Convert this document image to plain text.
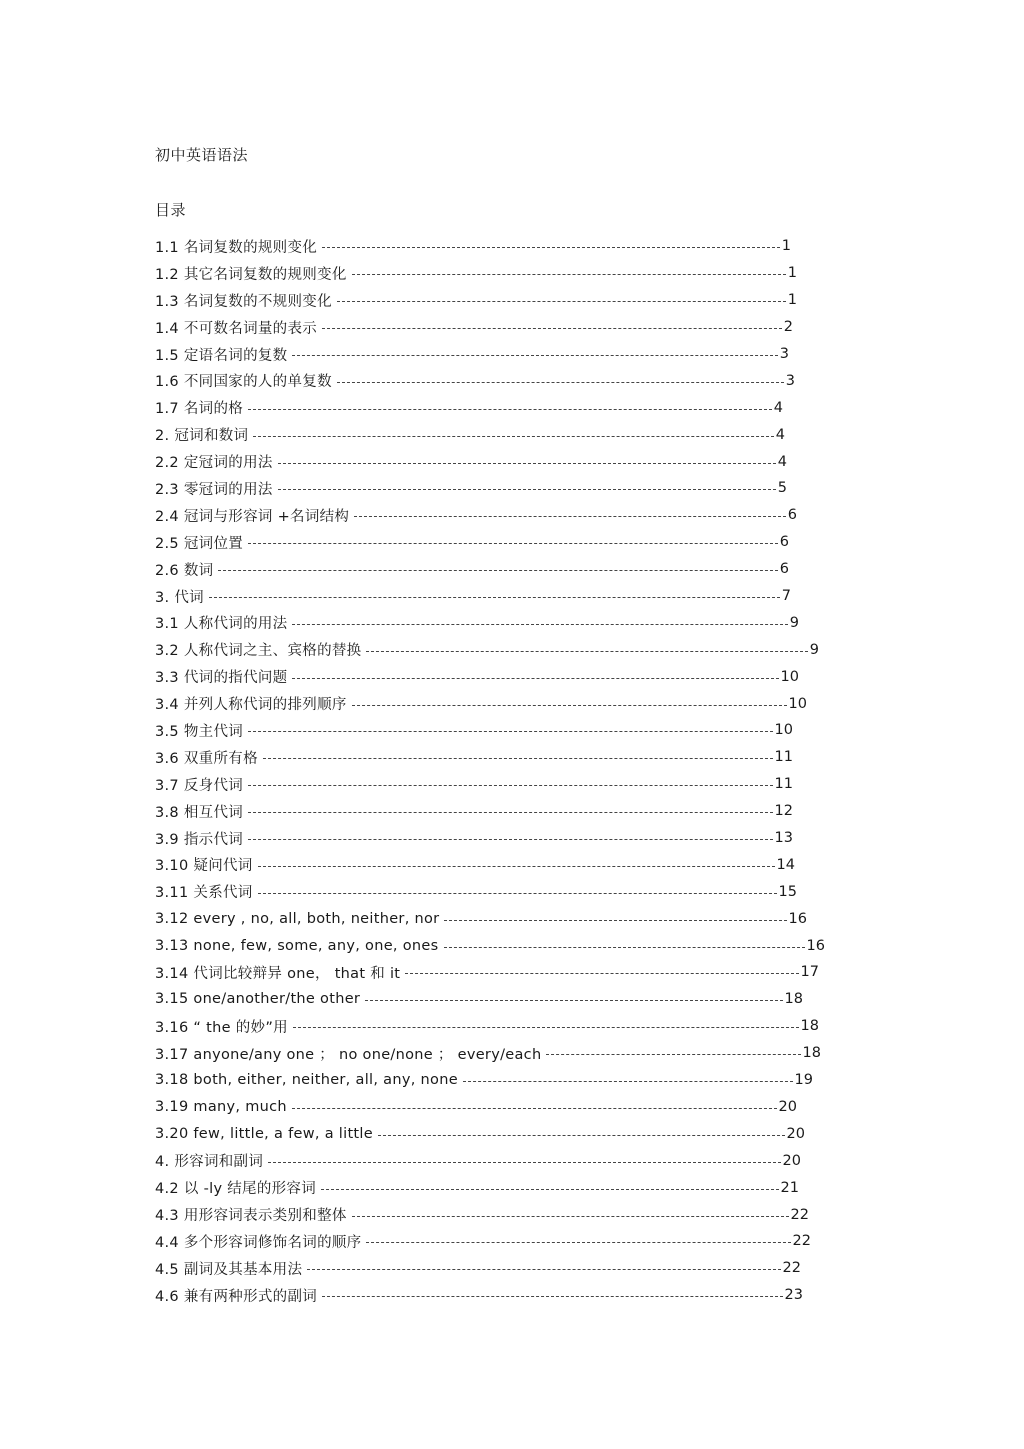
初中英语语法
目录
1.1 名词复数的规则变化	1
1.2 其它名词复数的规则变化	1
1.3 名词复数的不规则变化	1
1.4 不可数名词量的表示	2
1.5 定语名词的复数	3
1.6 不同国家的人的单复数	3
1.7 名词的格	4
2. 冠词和数词	4
2.2 定冠词的用法	4
2.3 零冠词的用法	5
2.4 冠词与形容词 +名词结构	6
2.5 冠词位置	6
2.6 数词	6
3. 代词	7
3.1 人称代词的用法	9
3.2 人称代词之主、宾格的替换	9
3.3 代词的指代问题	10
3.4 并列人称代词的排列顺序	10
3.5 物主代词	10
3.6 双重所有格	11
3.7 反身代词	11
3.8 相互代词	12
3.9 指示代词	13
3.10 疑问代词	14
3.11 关系代词	15
3.12 every , no, all, both, neither, nor	16
3.13 none, few, some, any, one, ones	16
3.14 代词比较辩异 one， that 和 it	17
3.15 one/another/the other	18
3.16 “ the 的妙”用	18
3.17 anyone/any one ； no one/none ； every/each	18
3.18 both, either, neither, all, any, none	19
3.19 many, much	20
3.20 few, little, a few, a little	20
4. 形容词和副词	20
4.2 以 -ly 结尾的形容词	21
4.3 用形容词表示类别和整体	22
4.4 多个形容词修饰名词的顺序	22
4.5 副词及其基本用法	22
4.6 兼有两种形式的副词	23
